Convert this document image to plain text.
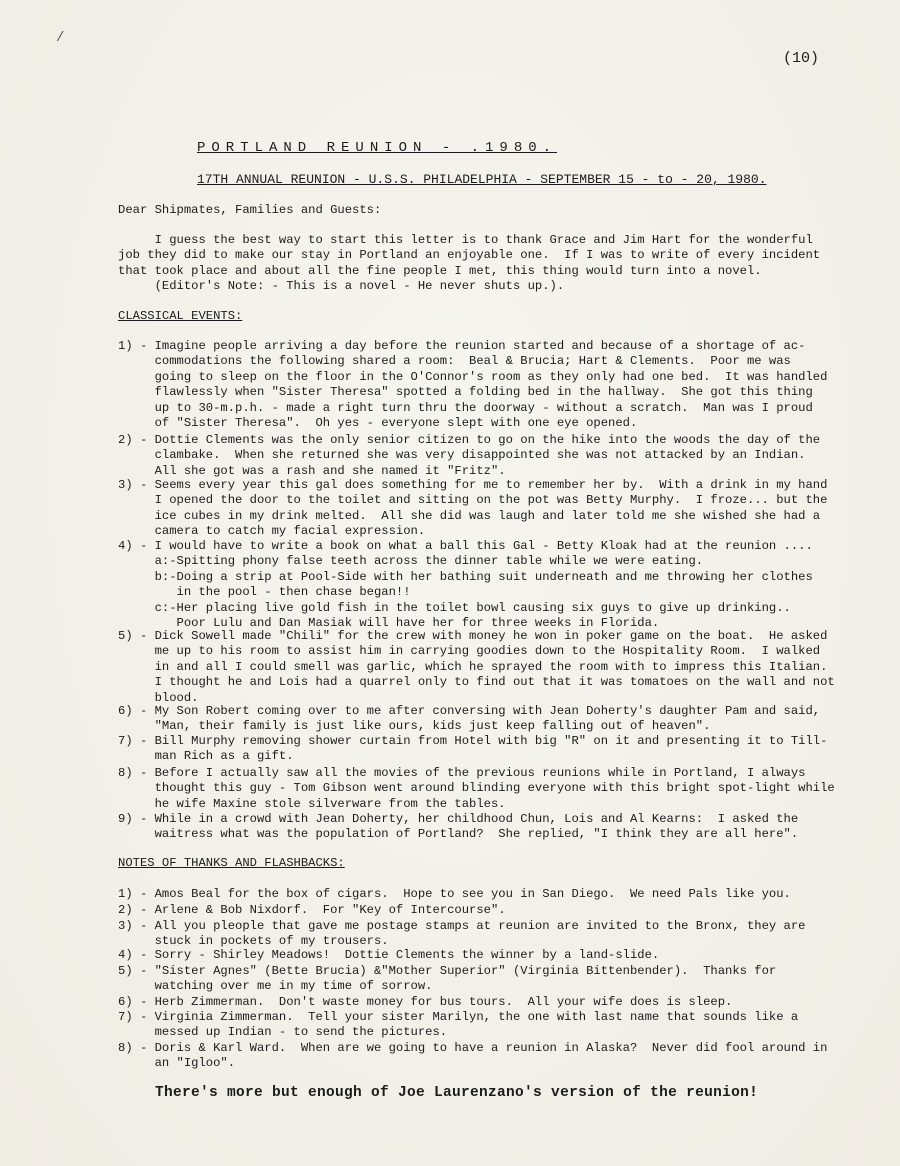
/
(10)
PORTLAND REUNION - .1980.
17TH ANNUAL REUNION - U.S.S. PHILADELPHIA - SEPTEMBER 15 - to - 20, 1980.
Dear Shipmates, Families and Guests:
I guess the best way to start this letter is to thank Grace and Jim Hart for the wonderful
job they did to make our stay in Portland an enjoyable one.  If I was to write of every incident
that took place and about all the fine people I met, this thing would turn into a novel.
(Editor's Note: - This is a novel - He never shuts up.).
CLASSICAL EVENTS:
1) - Imagine people arriving a day before the reunion started and because of a shortage of ac-
commodations the following shared a room:  Beal & Brucia; Hart & Clements.  Poor me was
going to sleep on the floor in the O'Connor's room as they only had one bed.  It was handled
flawlessly when "Sister Theresa" spotted a folding bed in the hallway.  She got this thing
up to 30-m.p.h. - made a right turn thru the doorway - without a scratch.  Man was I proud
of "Sister Theresa".  Oh yes - everyone slept with one eye opened.
2) - Dottie Clements was the only senior citizen to go on the hike into the woods the day of the
clambake.  When she returned she was very disappointed she was not attacked by an Indian.
All she got was a rash and she named it "Fritz".
3) - Seems every year this gal does something for me to remember her by.  With a drink in my hand
I opened the door to the toilet and sitting on the pot was Betty Murphy.  I froze... but the
ice cubes in my drink melted.  All she did was laugh and later told me she wished she had a
camera to catch my facial expression.
4) - I would have to write a book on what a ball this Gal - Betty Kloak had at the reunion ....
a:-Spitting phony false teeth across the dinner table while we were eating.
b:-Doing a strip at Pool-Side with her bathing suit underneath and me throwing her clothes
in the pool - then chase began!!
c:-Her placing live gold fish in the toilet bowl causing six guys to give up drinking..
Poor Lulu and Dan Masiak will have her for three weeks in Florida.
5) - Dick Sowell made "Chili" for the crew with money he won in poker game on the boat.  He asked
me up to his room to assist him in carrying goodies down to the Hospitality Room.  I walked
in and all I could smell was garlic, which he sprayed the room with to impress this Italian.
I thought he and Lois had a quarrel only to find out that it was tomatoes on the wall and not
blood.
6) - My Son Robert coming over to me after conversing with Jean Doherty's daughter Pam and said,
"Man, their family is just like ours, kids just keep falling out of heaven".
7) - Bill Murphy removing shower curtain from Hotel with big "R" on it and presenting it to Till-
man Rich as a gift.
8) - Before I actually saw all the movies of the previous reunions while in Portland, I always
thought this guy - Tom Gibson went around blinding everyone with this bright spot-light while
he wife Maxine stole silverware from the tables.
9) - While in a crowd with Jean Doherty, her childhood Chun, Lois and Al Kearns:  I asked the
waitress what was the population of Portland?  She replied, "I think they are all here".
NOTES OF THANKS AND FLASHBACKS:
1) - Amos Beal for the box of cigars.  Hope to see you in San Diego.  We need Pals like you.
2) - Arlene & Bob Nixdorf.  For "Key of Intercourse".
3) - All you pleople that gave me postage stamps at reunion are invited to the Bronx, they are
stuck in pockets of my trousers.
4) - Sorry - Shirley Meadows!  Dottie Clements the winner by a land-slide.
5) - "Sister Agnes" (Bette Brucia) &"Mother Superior" (Virginia Bittenbender).  Thanks for
watching over me in my time of sorrow.
6) - Herb Zimmerman.  Don't waste money for bus tours.  All your wife does is sleep.
7) - Virginia Zimmerman.  Tell your sister Marilyn, the one with last name that sounds like a
messed up Indian - to send the pictures.
8) - Doris & Karl Ward.  When are we going to have a reunion in Alaska?  Never did fool around in
an "Igloo".
There's more but enough of Joe Laurenzano's version of the reunion!
